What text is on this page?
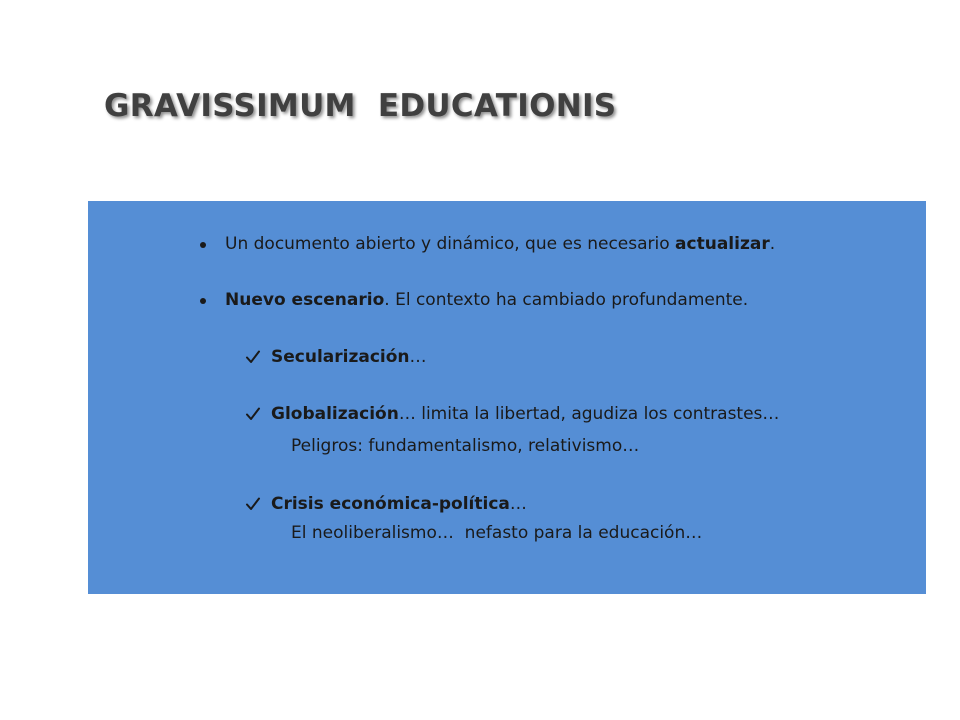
GRAVISSIMUM  EDUCATIONIS
Un documento abierto y dinámico, que es necesario actualizar.
Nuevo escenario. El contexto ha cambiado profundamente.
Secularización…
Globalización… limita la libertad, agudiza los contrastes…
Peligros: fundamentalismo, relativismo…
Crisis económica-política…
El neoliberalismo…  nefasto para la educación…
